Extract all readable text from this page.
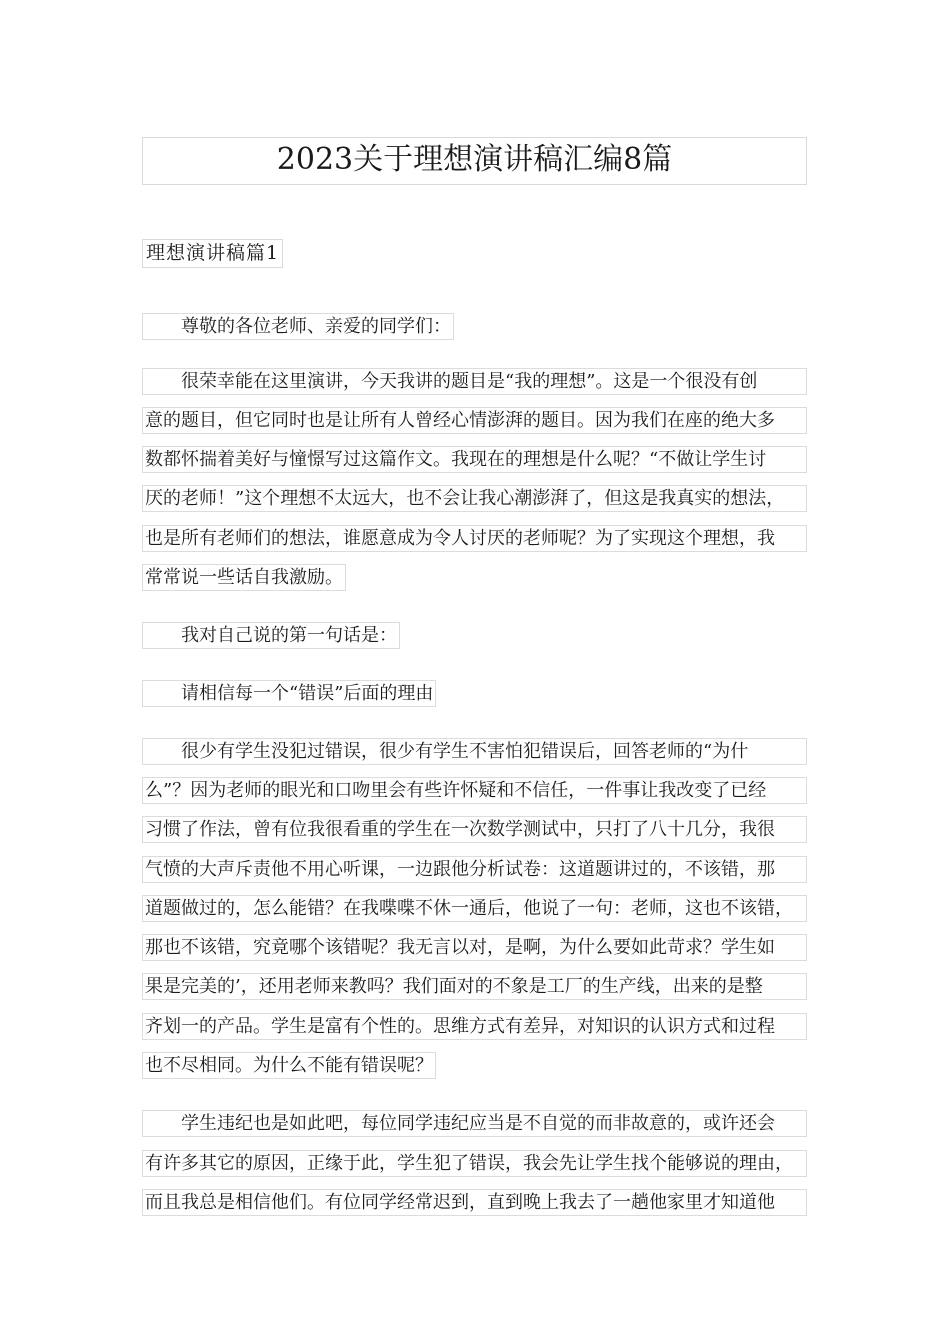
2023关于理想演讲稿汇编8篇
理想演讲稿篇1
尊敬的各位老师、亲爱的同学们：
很荣幸能在这里演讲，今天我讲的题目是“我的理想”。这是一个很没有创
意的题目，但它同时也是让所有人曾经心情澎湃的题目。因为我们在座的绝大多
数都怀揣着美好与憧憬写过这篇作文。我现在的理想是什么呢？“不做让学生讨
厌的老师！”这个理想不太远大，也不会让我心潮澎湃了，但这是我真实的想法，
也是所有老师们的想法，谁愿意成为令人讨厌的老师呢？为了实现这个理想，我
常常说一些话自我激励。
我对自己说的第一句话是：
请相信每一个“错误”后面的理由
很少有学生没犯过错误，很少有学生不害怕犯错误后，回答老师的“为什
么”？因为老师的眼光和口吻里会有些许怀疑和不信任，一件事让我改变了已经
习惯了作法，曾有位我很看重的学生在一次数学测试中，只打了八十几分，我很
气愤的大声斥责他不用心听课，一边跟他分析试卷：这道题讲过的，不该错，那
道题做过的，怎么能错？在我喋喋不休一通后，他说了一句：老师，这也不该错，
那也不该错，究竟哪个该错呢？我无言以对，是啊，为什么要如此苛求？学生如
果是完美的’，还用老师来教吗？我们面对的不象是工厂的生产线，出来的是整
齐划一的产品。学生是富有个性的。思维方式有差异，对知识的认识方式和过程
也不尽相同。为什么不能有错误呢？
学生违纪也是如此吧，每位同学违纪应当是不自觉的而非故意的，或许还会
有许多其它的原因，正缘于此，学生犯了错误，我会先让学生找个能够说的理由，
而且我总是相信他们。有位同学经常迟到，直到晚上我去了一趟他家里才知道他
